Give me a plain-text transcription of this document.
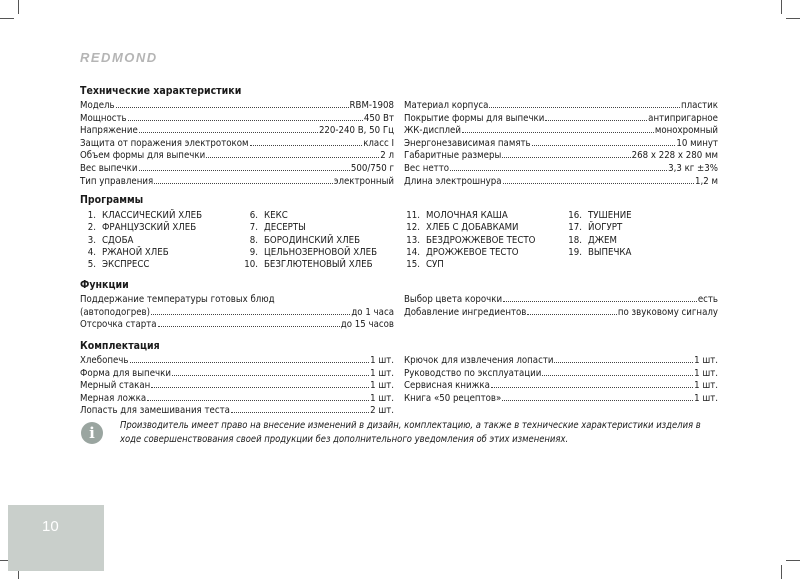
REDMOND
Технические характеристики
Модель	RBM-1908
Мощность	450 Вт
Напряжение	220-240 В, 50 Гц
Защита от поражения электротоком	класс I
Объем формы для выпечки	2 л
Вес выпечки	500/750 г
Тип управления	электронный
Материал корпуса	пластик
Покрытие формы для выпечки	антипригарное
ЖК-дисплей	монохромный
Энергонезависимая память	10 минут
Габаритные размеры	268 x 228 x 280 мм
Вес нетто	3,3 кг ±3%
Длина электрошнура	1,2 м
Программы
1. КЛАССИЧЕСКИЙ ХЛЕБ
2. ФРАНЦУЗСКИЙ ХЛЕБ
3. СДОБА
4. РЖАНОЙ ХЛЕБ
5. ЭКСПРЕСС
6. КЕКС
7. ДЕСЕРТЫ
8. БОРОДИНСКИЙ ХЛЕБ
9. ЦЕЛЬНОЗЕРНОВОЙ ХЛЕБ
10. БЕЗГЛЮТЕНОВЫЙ ХЛЕБ
11. МОЛОЧНАЯ КАША
12. ХЛЕБ С ДОБАВКАМИ
13. БЕЗДРОЖЖЕВОЕ ТЕСТО
14. ДРОЖЖЕВОЕ ТЕСТО
15. СУП
16. ТУШЕНИЕ
17. ЙОГУРТ
18. ДЖЕМ
19. ВЫПЕЧКА
Функции
Поддержание температуры готовых блюд
(автоподогрев)	до 1 часа
Отсрочка старта	до 15 часов
Выбор цвета корочки	есть
Добавление ингредиентов	по звуковому сигналу
Комплектация
Хлебопечь	1 шт.
Форма для выпечки	1 шт.
Мерный стакан	1 шт.
Мерная ложка	1 шт.
Лопасть для замешивания теста	2 шт.
Крючок для извлечения лопасти	1 шт.
Руководство по эксплуатации	1 шт.
Сервисная книжка	1 шт.
Книга «50 рецептов»	1 шт.
i	Производитель имеет право на внесение изменений в дизайн, комплектацию, а также в технические характеристики изделия в ходе совершенствования своей продукции без дополнительного уведомления об этих изменениях.
10
